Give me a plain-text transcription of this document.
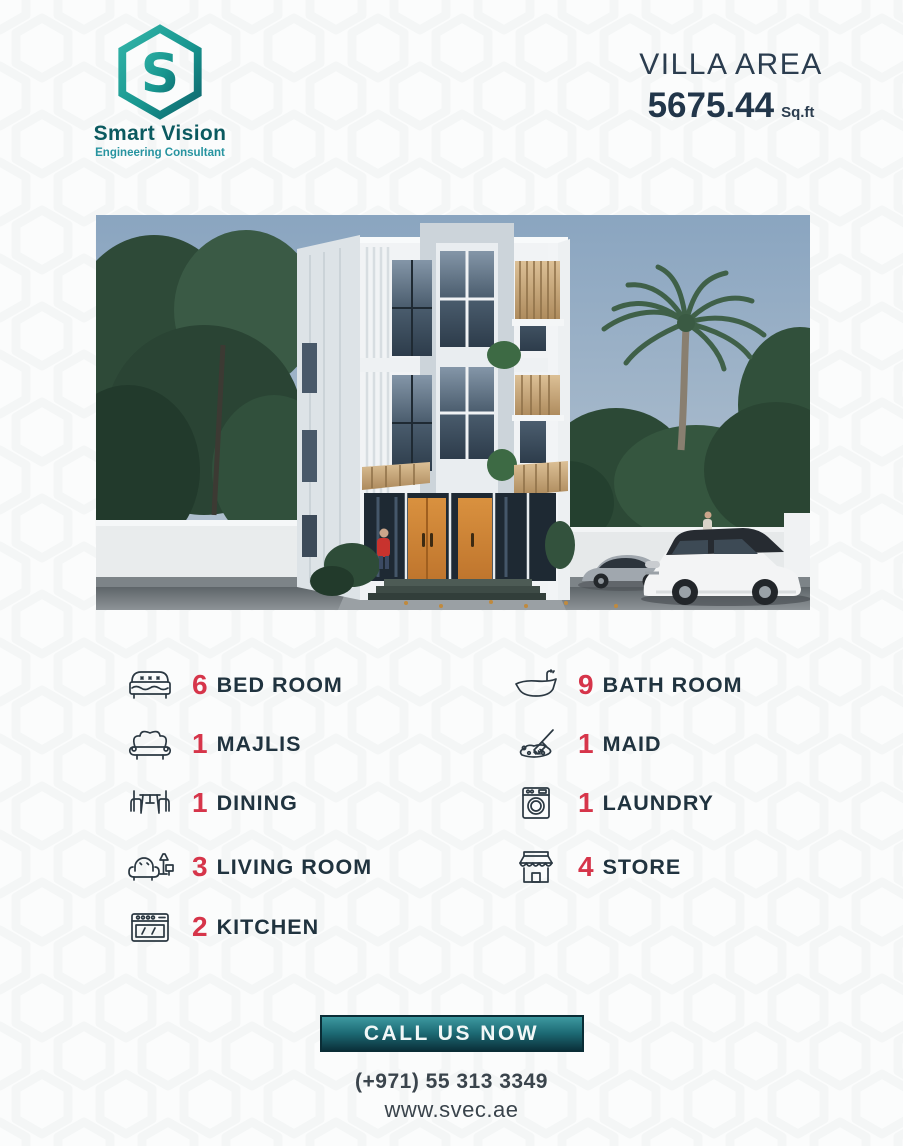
S
Smart Vision
Engineering Consultant
VILLA AREA
5675.44 Sq.ft
6 BED ROOM
1 MAJLIS
1 DINING
3 LIVING ROOM
2 KITCHEN
9 BATH ROOM
1 MAID
1 LAUNDRY
4 STORE
CALL US NOW
(+971) 55 313 3349
www.svec.ae
